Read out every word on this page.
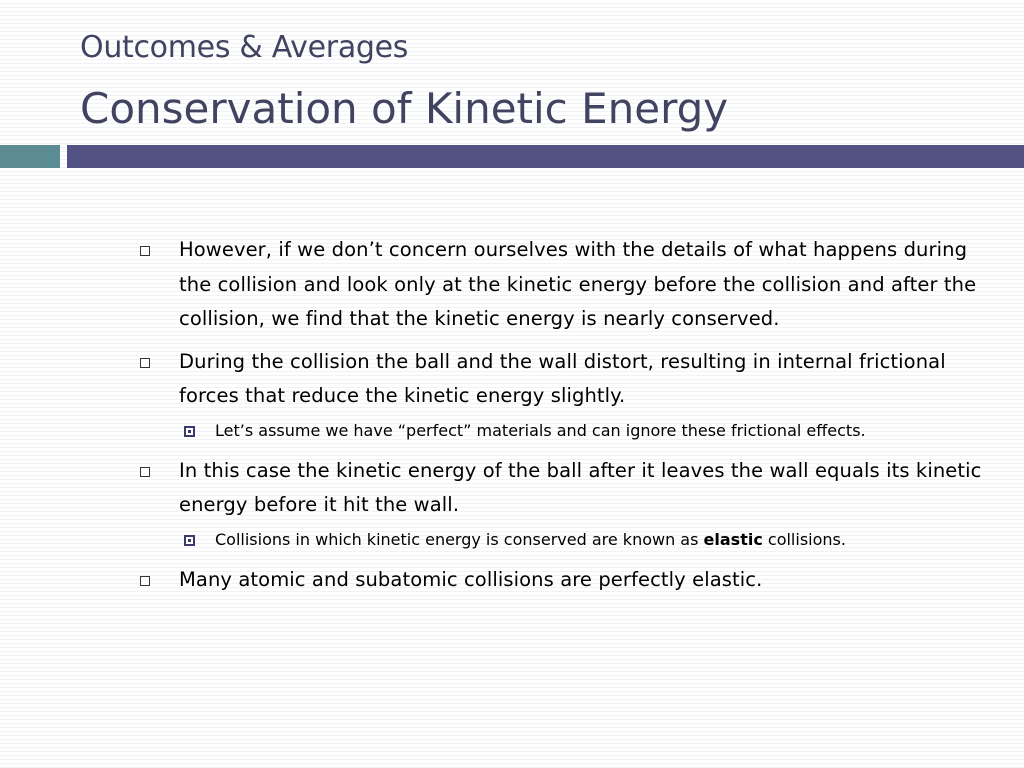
Outcomes & Averages
Conservation of Kinetic Energy
However, if we don’t concern ourselves with the details of what happens during the collision and look only at the kinetic energy before the collision and after the collision, we find that the kinetic energy is nearly conserved.
During the collision the ball and the wall distort, resulting in internal frictional forces that reduce the kinetic energy slightly.
Let’s assume we have “perfect” materials and can ignore these frictional effects.
In this case the kinetic energy of the ball after it leaves the wall equals its kinetic energy before it hit the wall.
Collisions in which kinetic energy is conserved are known as elastic collisions.
Many atomic and subatomic collisions are perfectly elastic.
